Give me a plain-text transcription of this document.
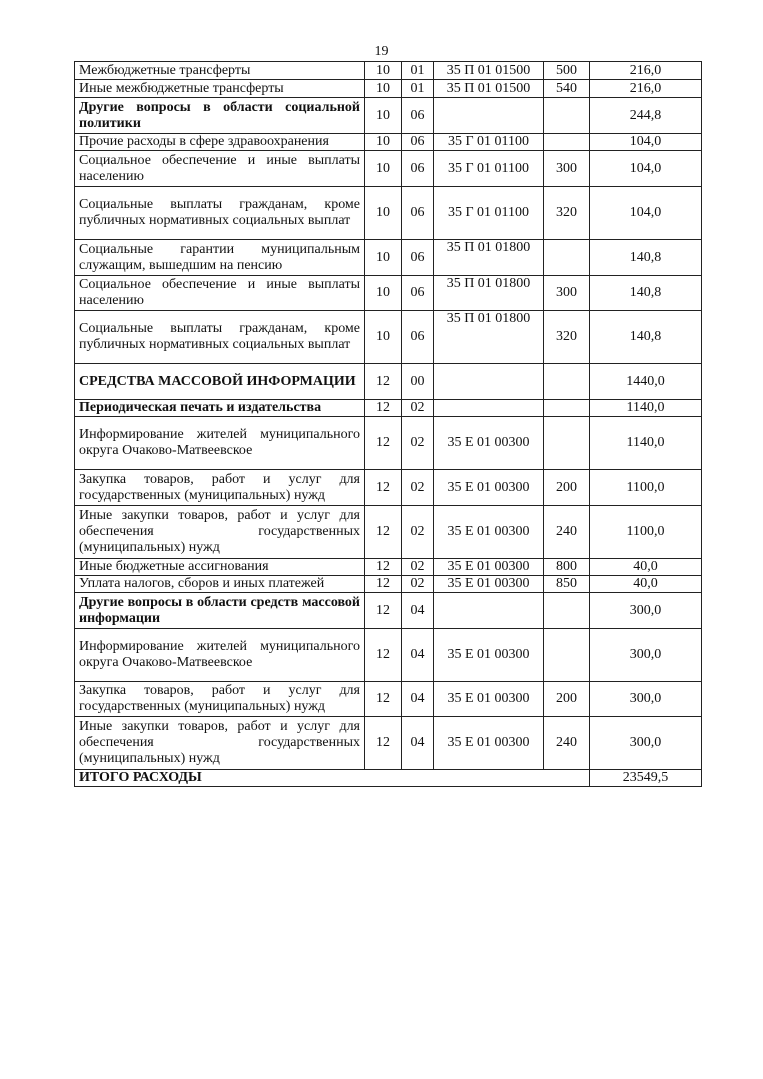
19
Межбюджетные трансферты	10	01	35 П 01 01500	500	216,0
Иные межбюджетные трансферты	10	01	35 П 01 01500	540	216,0
Другие вопросы в области социальной политики	10	06			244,8
Прочие расходы в сфере здравоохранения	10	06	35 Г 01 01100		104,0
Социальное обеспечение и иные выплаты населению	10	06	35 Г 01 01100	300	104,0
Социальные выплаты гражданам, кроме публичных нормативных социальных выплат	10	06	35 Г 01 01100	320	104,0
Социальные гарантии муниципальным служащим, вышедшим на пенсию	10	06	35 П 01 01800		140,8
Социальное обеспечение и иные выплаты населению	10	06	35 П 01 01800	300	140,8
Социальные выплаты гражданам, кроме публичных нормативных социальных выплат	10	06	35 П 01 01800	320	140,8
СРЕДСТВА МАССОВОЙ ИНФОРМАЦИИ	12	00			1440,0
Периодическая печать и издательства	12	02			1140,0
Информирование жителей муниципального округа Очаково-Матвеевское	12	02	35 Е 01 00300		1140,0
Закупка товаров, работ и услуг для государственных (муниципальных) нужд	12	02	35 Е 01 00300	200	1100,0
Иные закупки товаров, работ и услуг для обеспечения государственных (муниципальных) нужд	12	02	35 Е 01 00300	240	1100,0
Иные бюджетные ассигнования	12	02	35 Е 01 00300	800	40,0
Уплата налогов, сборов и иных платежей	12	02	35 Е 01 00300	850	40,0
Другие вопросы в области средств массовой информации	12	04			300,0
Информирование жителей муниципального округа Очаково-Матвеевское	12	04	35 Е 01 00300		300,0
Закупка товаров, работ и услуг для государственных (муниципальных) нужд	12	04	35 Е 01 00300	200	300,0
Иные закупки товаров, работ и услуг для обеспечения государственных (муниципальных) нужд	12	04	35 Е 01 00300	240	300,0
ИТОГО РАСХОДЫ					23549,5
